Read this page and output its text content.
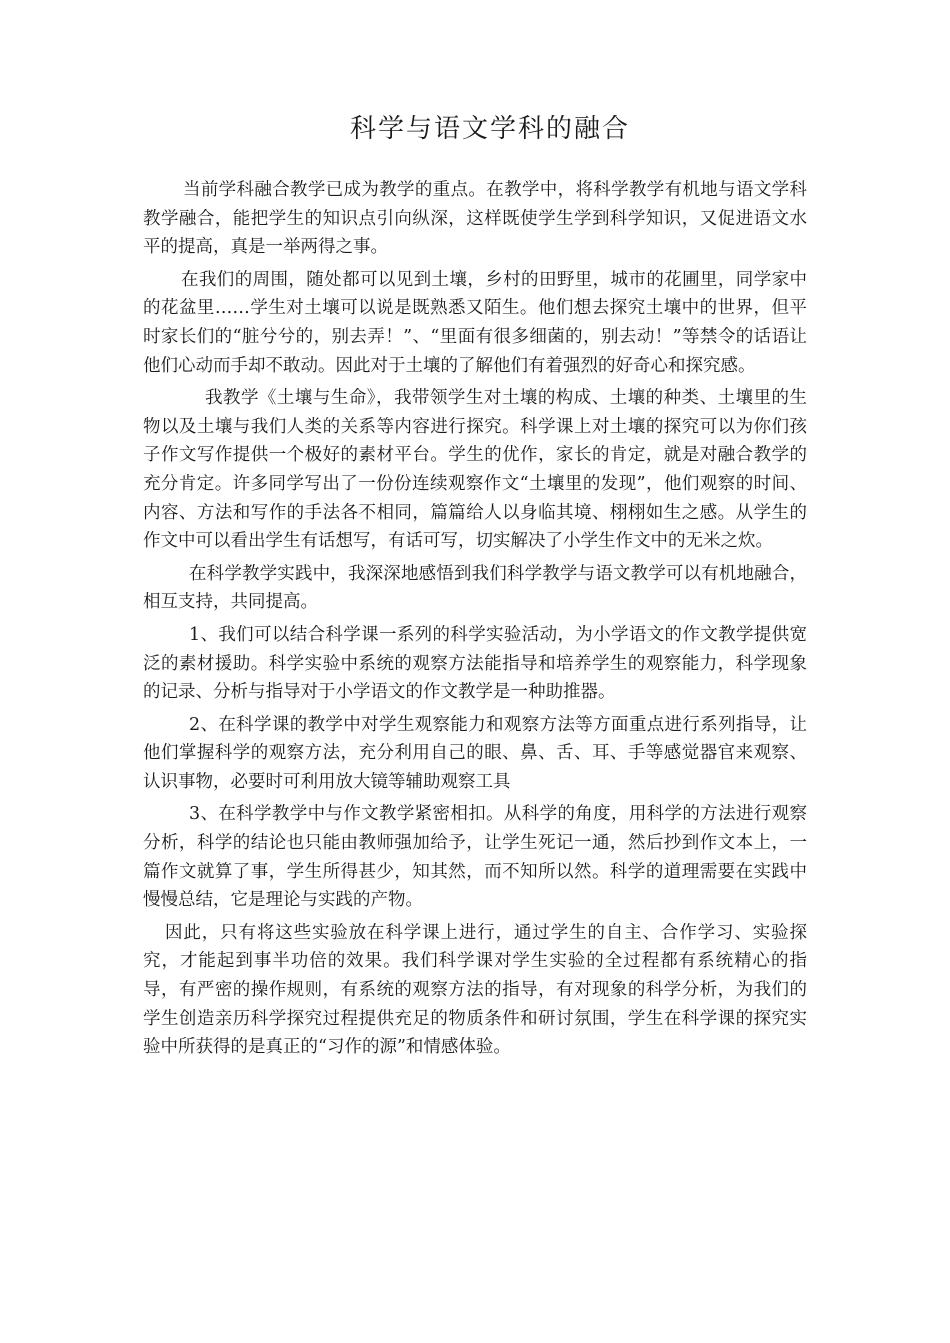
科学与语文学科的融合

当前学科融合教学已成为教学的重点。在教学中，将科学教学有机地与语文学科教学融合，能把学生的知识点引向纵深，这样既使学生学到科学知识，又促进语文水平的提高，真是一举两得之事。

在我们的周围，随处都可以见到土壤，乡村的田野里，城市的花圃里，同学家中的花盆里……学生对土壤可以说是既熟悉又陌生。他们想去探究土壤中的世界，但平时家长们的“脏兮兮的，别去弄！”、“里面有很多细菌的，别去动！”等禁令的话语让他们心动而手却不敢动。因此对于土壤的了解他们有着强烈的好奇心和探究感。

我教学《土壤与生命》，我带领学生对土壤的构成、土壤的种类、土壤里的生物以及土壤与我们人类的关系等内容进行探究。科学课上对土壤的探究可以为你们孩子作文写作提供一个极好的素材平台。学生的优作，家长的肯定，就是对融合教学的充分肯定。许多同学写出了一份份连续观察作文“土壤里的发现”，他们观察的时间、内容、方法和写作的手法各不相同，篇篇给人以身临其境、栩栩如生之感。从学生的作文中可以看出学生有话想写，有话可写，切实解决了小学生作文中的无米之炊。

在科学教学实践中，我深深地感悟到我们科学教学与语文教学可以有机地融合，相互支持，共同提高。

1、我们可以结合科学课一系列的科学实验活动，为小学语文的作文教学提供宽泛的素材援助。科学实验中系统的观察方法能指导和培养学生的观察能力，科学现象的记录、分析与指导对于小学语文的作文教学是一种助推器。

2、在科学课的教学中对学生观察能力和观察方法等方面重点进行系列指导，让他们掌握科学的观察方法，充分利用自己的眼、鼻、舌、耳、手等感觉器官来观察、认识事物，必要时可利用放大镜等辅助观察工具

3、在科学教学中与作文教学紧密相扣。从科学的角度，用科学的方法进行观察分析，科学的结论也只能由教师强加给予，让学生死记一通，然后抄到作文本上，一篇作文就算了事，学生所得甚少，知其然，而不知所以然。科学的道理需要在实践中慢慢总结，它是理论与实践的产物。

因此，只有将这些实验放在科学课上进行，通过学生的自主、合作学习、实验探究，才能起到事半功倍的效果。我们科学课对学生实验的全过程都有系统精心的指导，有严密的操作规则，有系统的观察方法的指导，有对现象的科学分析，为我们的学生创造亲历科学探究过程提供充足的物质条件和研讨氛围，学生在科学课的探究实验中所获得的是真正的“习作的源”和情感体验。
